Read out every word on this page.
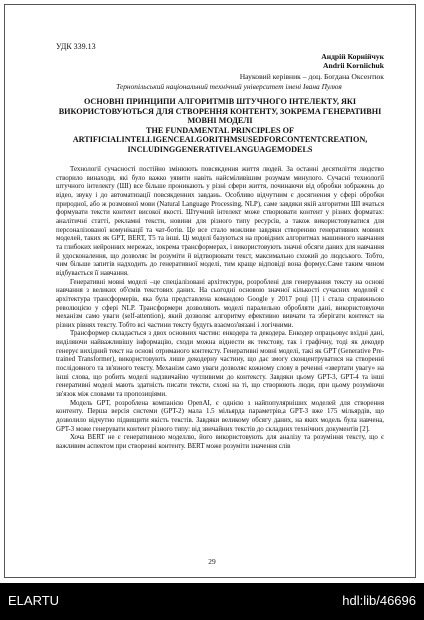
УДК 339.13
Андрій Корнійчук
Andrii Korniichuk
Науковий керівник – доц. Богдана Оксентюк
Тернопільський національний технічний університет імені Івана Пулюя
ОСНОВНІ ПРИНЦИПИ АЛГОРИТМІВ ШТУЧНОГО ІНТЕЛЕКТУ, ЯКІ
ВИКОРИСТОВУЮТЬСЯ ДЛЯ СТВОРЕННЯ КОНТЕНТУ, ЗОКРЕМА ГЕНЕРАТИВНІ
МОВНІ МОДЕЛІ
THE FUNDAMENTAL PRINCIPLES OF
ARTIFICIALINTELLIGENCEALGORITHMSUSEDFORCONTENTCREATION,
INCLUDINGGENERATIVELANGUAGEMODELS

Технології сучасності постійно змінюють повсякдення життя людей. За останні десятиліття людство створило винаходи, які було важко уявити навіть найсміливішим розумам минулого. Сучасні технології штучного інтелекту (ШІ) все більше проникають у різні сфери життя, починаючи від обробки зображень до відео, звуку і до автоматизації повсякденних завдань. Особливо відчутним є досягнення у сфері обробки природної, або ж розмовної мови (Natural Language Processing, NLP), саме завдяки якій алгоритми ШІ вчаться формувати тексти контент високої якості. Штучний інтелект може створювати контент у різних форматах: аналітичні статті, рекламні тексти, новини для різного типу ресурсів, а також використовуватися для персоналізованої комунікації та чат-ботів. Це все стало можливе завдяки створенню генеративних мовних моделей, таких як GPT, BERT, T5 та інші. Ці моделі базуються на провідних алгоритмах машинного навчання та глибоких нейронних мережах, зокрема трансформерах, і використовують значні обсяги даних для навчання й удосконалення, що дозволяє їм розуміти й відтворювати текст, максимально схожий до людського. Тобто, чим більше запитів надходить до генеративної моделі, тим краще відповіді вона формує.Саме таким чином відбувається її навчання.

Генеративні мовні моделі –це спеціалізовані архітектури, розроблені для генерування тексту на основі навчання з великих об'ємів текстових даних. На сьогодні основою значної кількості сучасних моделей є архітектура трансформерів, яка була представлена командою Google у 2017 році [1] і стала справжньою революцією у сфері NLP. Трансформери дозволяють моделі паралельно обробляти дані, використовуючи механізм само уваги (self-attention), який дозволяє алгоритму ефективно вивчати та зберігати контекст на різних рівнях тексту. Тобто всі частини тексту будуть взаємоз'вязані і логічними.

Трансформер складається з двох основних частин: енкодера та декодера. Енкодер опрацьовує вхідні дані, виділяючи найважливішу інформацію, сходи можна віднести як текстову, так і графічну, тоді як декодер генерує вихідний текст на основі отриманого контексту. Генеративні мовні моделі, такі як GPT (Generative Pre-trained Transformer), використовують лише декодерну частину, що дає змогу сконцентруватися на створенні послідовного та зв'язного тексту. Механізм само уваги дозволяє кожному слову в реченні «звертати увагу» на інші слова, що робить моделі надзвичайно чутливими до контексту. Завдяки цьому GPT-3, GPT-4 та інші генеративні моделі мають здатність писати тексти, схожі на ті, що створюють люди, при цьому розуміючи зв'язок між словами та пропозиціями.

Модель GPT, розроблена компанією OpenAI, є однією з найпопулярніших моделей для створення контенту. Перша версія системи (GPT-2) мала 1.5 мільярда параметрів,а GPT-3 вже 175 мільярдів, що дозволило відчутно підвищити якість текстів. Завдяки великому обсягу даних, на яких модель була навчена, GPT-3 може генерувати контент різного типу: від звичайних текстів до складних технічних документів [2].

Хоча BERT не є генеративною моделлю, його використовують для аналізу та розуміння тексту, що є важливим аспектом при створенні контенту. BERT може розуміти значення слів

29
ELARTU	hdl:lib/46696
